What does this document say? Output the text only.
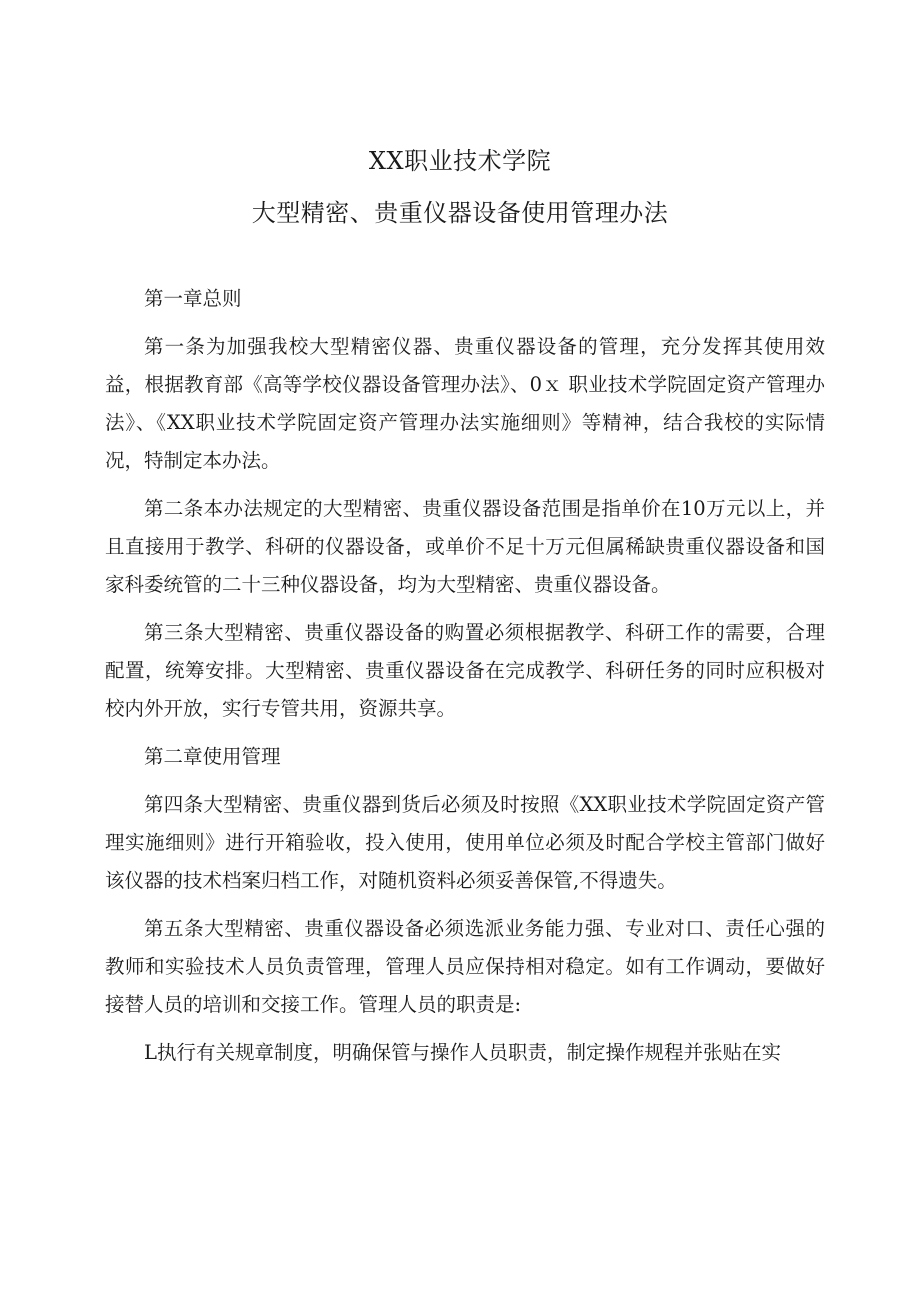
XX职业技术学院
大型精密、贵重仪器设备使用管理办法

第一章总则

第一条为加强我校大型精密仪器、贵重仪器设备的管理，充分发挥其使用效益，根据教育部《高等学校仪器设备管理办法》、0ｘ 职业技术学院固定资产管理办法》、《XX职业技术学院固定资产管理办法实施细则》等精神，结合我校的实际情况，特制定本办法。

第二条本办法规定的大型精密、贵重仪器设备范围是指单价在10万元以上，并且直接用于教学、科研的仪器设备，或单价不足十万元但属稀缺贵重仪器设备和国家科委统管的二十三种仪器设备，均为大型精密、贵重仪器设备。

第三条大型精密、贵重仪器设备的购置必须根据教学、科研工作的需要，合理配置，统筹安排。大型精密、贵重仪器设备在完成教学、科研任务的同时应积极对校内外开放，实行专管共用，资源共享。

第二章使用管理

第四条大型精密、贵重仪器到货后必须及时按照《XX职业技术学院固定资产管理实施细则》进行开箱验收，投入使用，使用单位必须及时配合学校主管部门做好该仪器的技术档案归档工作，对随机资料必须妥善保管,不得遗失。

第五条大型精密、贵重仪器设备必须选派业务能力强、专业对口、责任心强的教师和实验技术人员负责管理，管理人员应保持相对稳定。如有工作调动，要做好接替人员的培训和交接工作。管理人员的职责是:

L执行有关规章制度，明确保管与操作人员职责，制定操作规程并张贴在实
